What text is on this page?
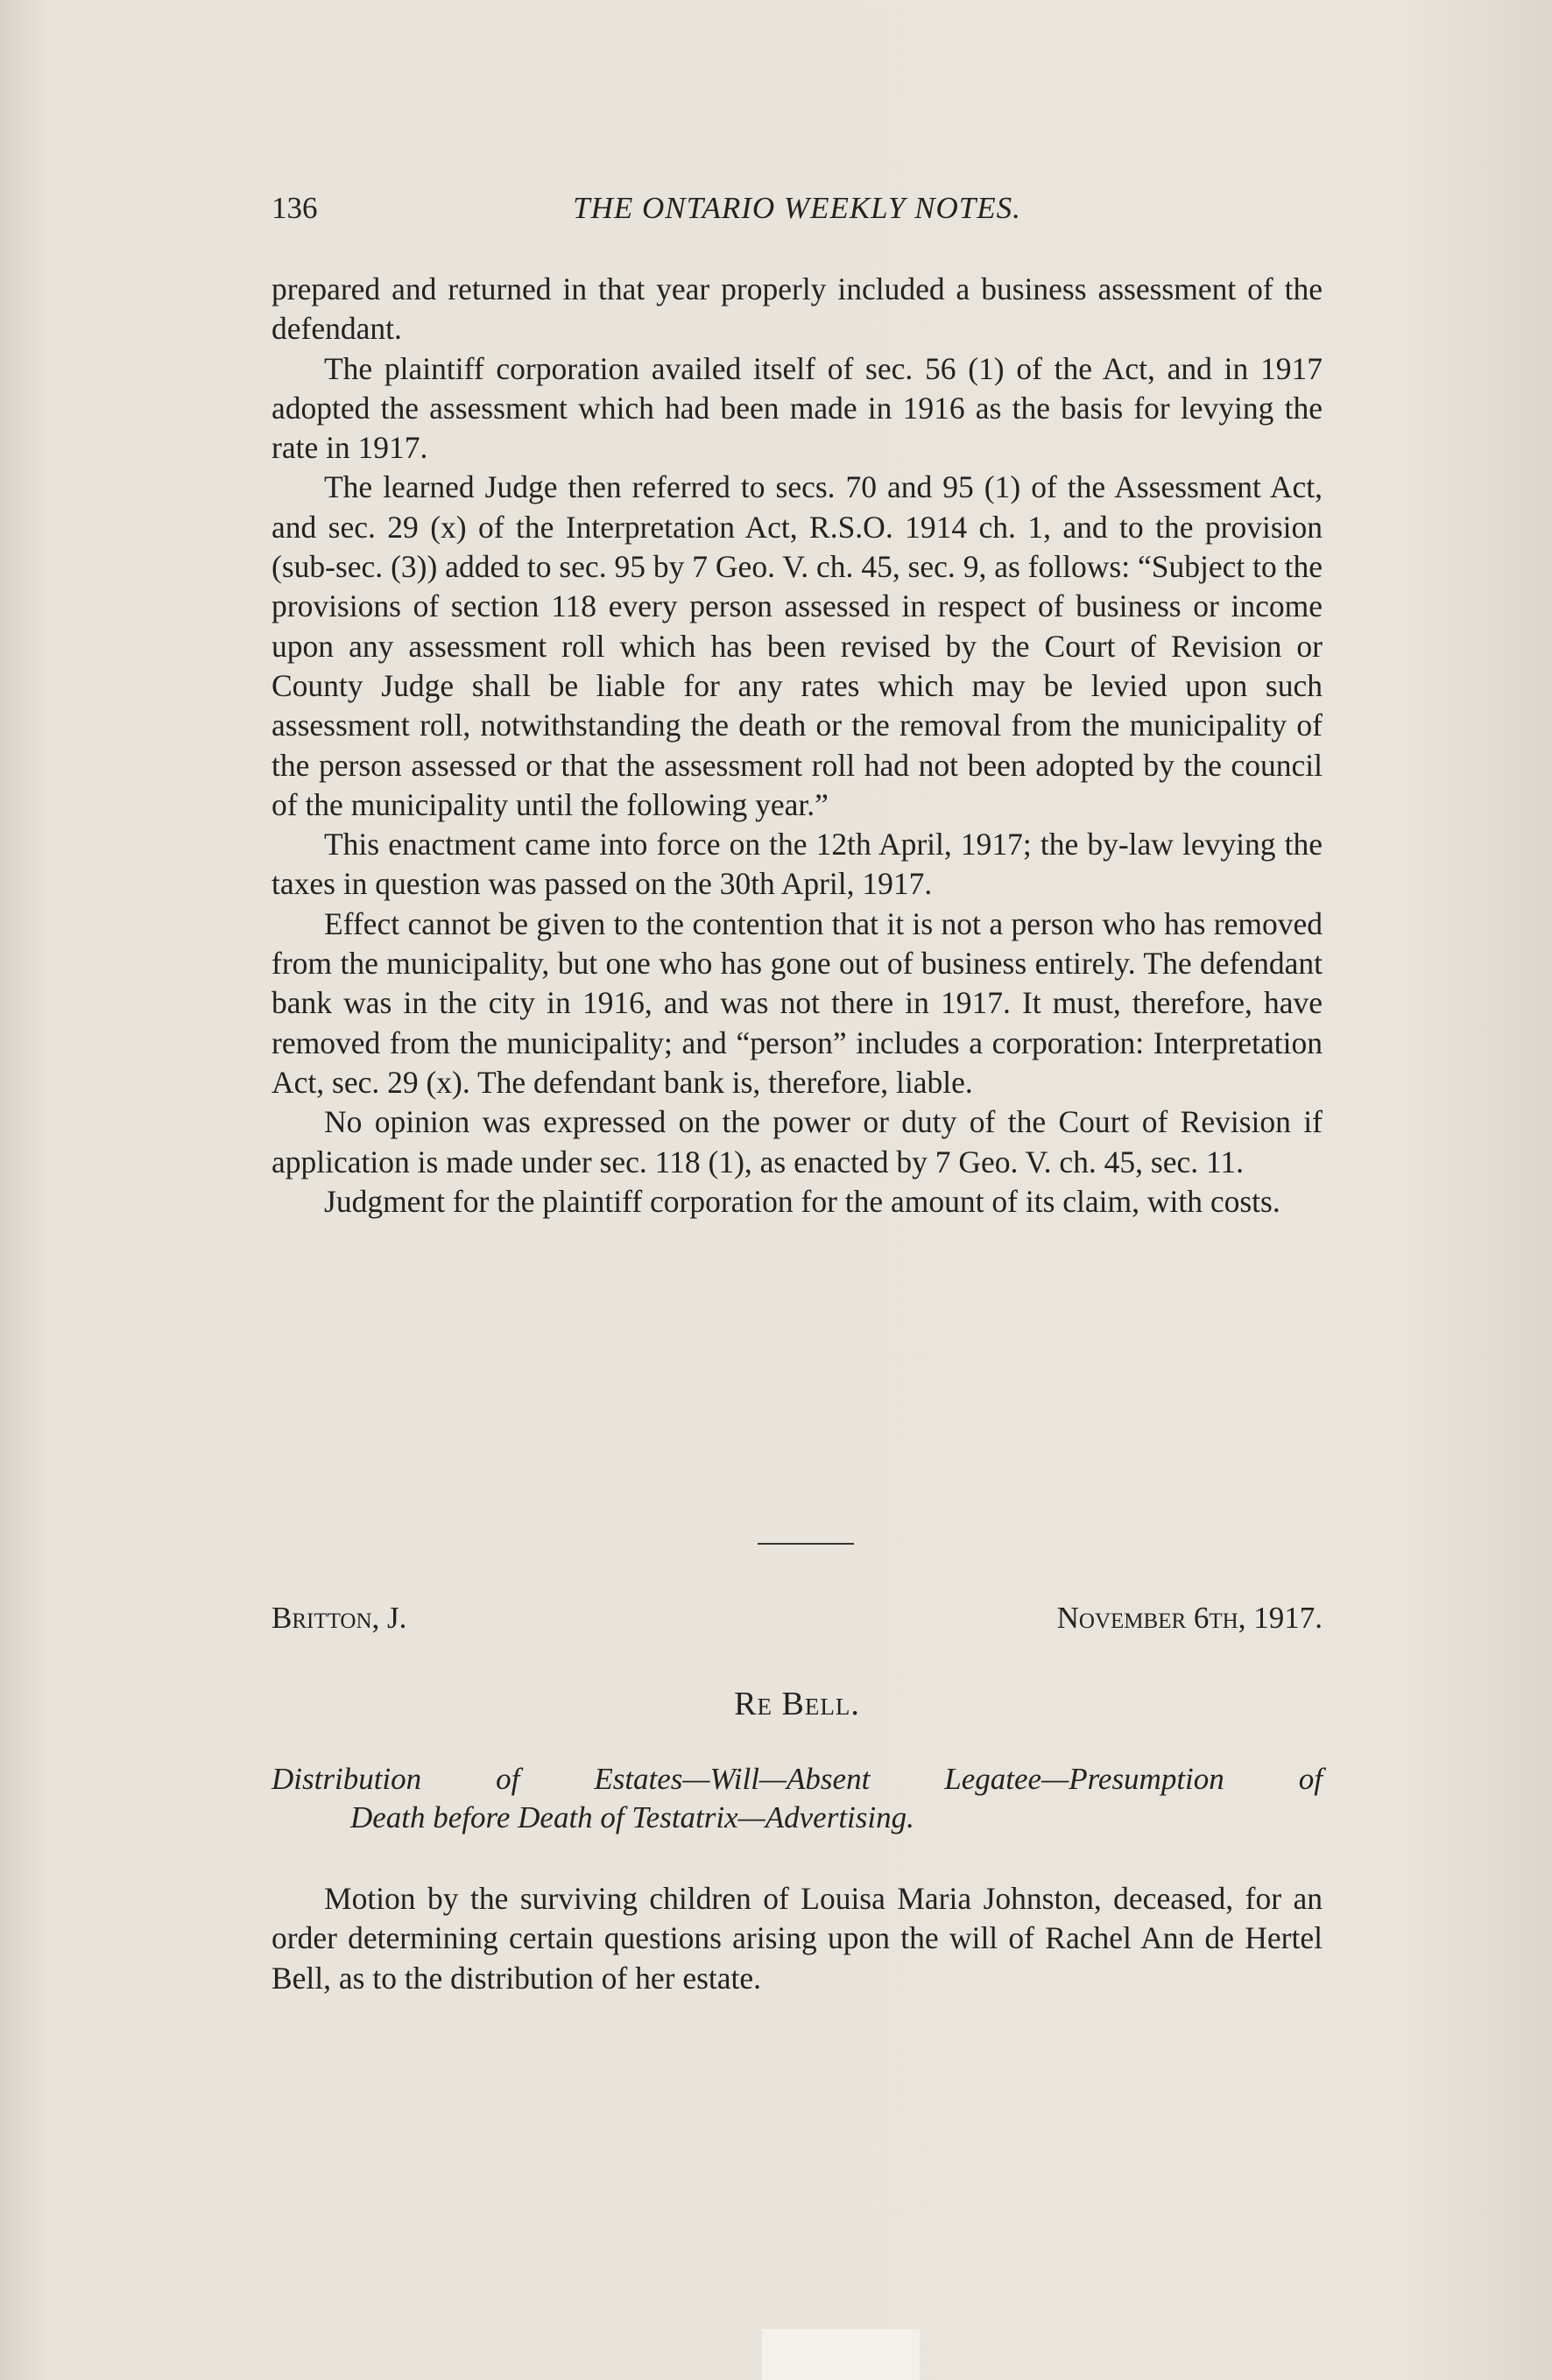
136	THE ONTARIO WEEKLY NOTES.

prepared and returned in that year properly included a business assessment of the defendant.

The plaintiff corporation availed itself of sec. 56 (1) of the Act, and in 1917 adopted the assessment which had been made in 1916 as the basis for levying the rate in 1917.

The learned Judge then referred to secs. 70 and 95 (1) of the Assessment Act, and sec. 29 (x) of the Interpretation Act, R.S.O. 1914 ch. 1, and to the provision (sub-sec. (3)) added to sec. 95 by 7 Geo. V. ch. 45, sec. 9, as follows: “Subject to the provisions of section 118 every person assessed in respect of business or income upon any assessment roll which has been revised by the Court of Revision or County Judge shall be liable for any rates which may be levied upon such assessment roll, notwithstanding the death or the removal from the municipality of the person assessed or that the assessment roll had not been adopted by the council of the municipality until the following year.”

This enactment came into force on the 12th April, 1917; the by-law levying the taxes in question was passed on the 30th April, 1917.

Effect cannot be given to the contention that it is not a person who has removed from the municipality, but one who has gone out of business entirely. The defendant bank was in the city in 1916, and was not there in 1917. It must, therefore, have removed from the municipality; and “person” includes a corporation: Interpretation Act, sec. 29 (x). The defendant bank is, therefore, liable.

No opinion was expressed on the power or duty of the Court of Revision if application is made under sec. 118 (1), as enacted by 7 Geo. V. ch. 45, sec. 11.

Judgment for the plaintiff corporation for the amount of its claim, with costs.

Britton, J.	November 6th, 1917.
Re Bell.
Distribution of Estates—Will—Absent Legatee—Presumption of
Death before Death of Testatrix—Advertising.

Motion by the surviving children of Louisa Maria Johnston, deceased, for an order determining certain questions arising upon the will of Rachel Ann de Hertel Bell, as to the distribution of her estate.
